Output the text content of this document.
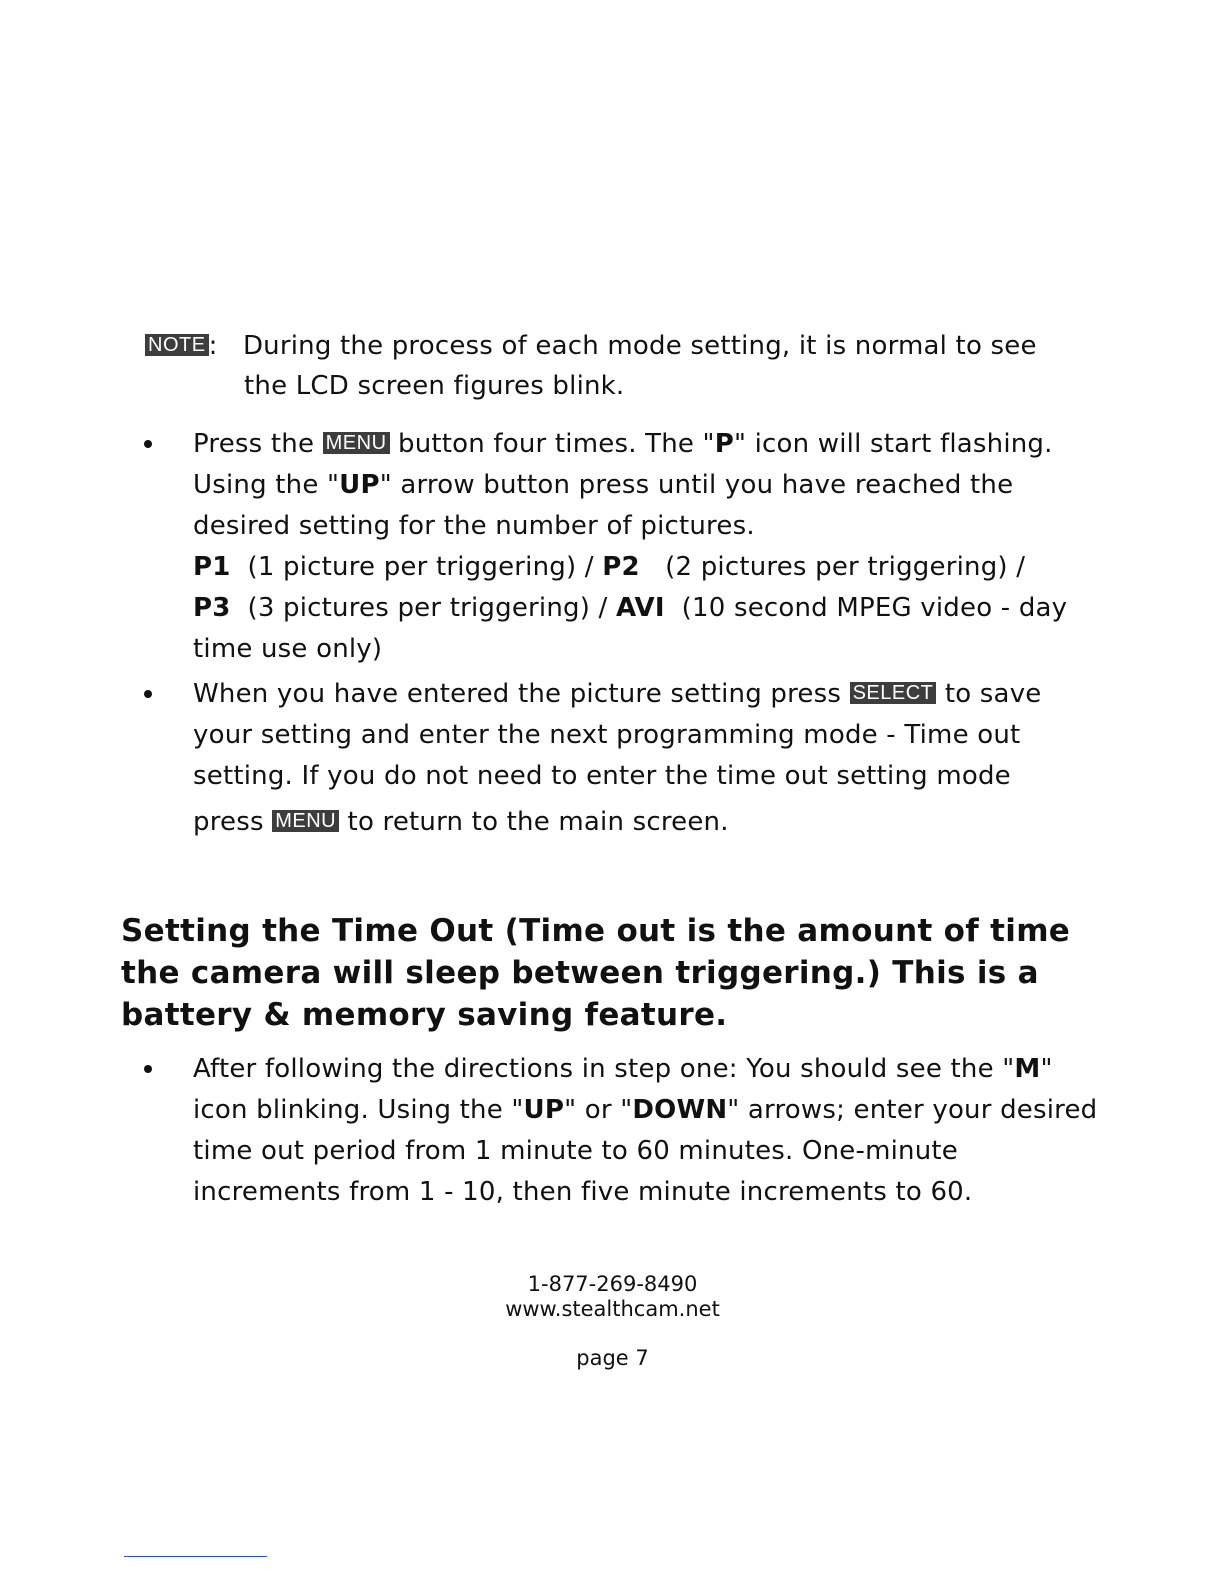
NOTE : During the process of each mode setting, it is normal to see
the LCD screen figures blink.
Press the MENU button four times. The "P" icon will start flashing.
Using the "UP" arrow button press until you have reached the
desired setting for the number of pictures.
P1 (1 picture per triggering) / P2 (2 pictures per triggering) /
P3 (3 pictures per triggering) / AVI (10 second MPEG video - day
time use only)
When you have entered the picture setting press SELECT to save
your setting and enter the next programming mode - Time out
setting. If you do not need to enter the time out setting mode
press MENU to return to the main screen.
Setting the Time Out (Time out is the amount of time
the camera will sleep between triggering.) This is a
battery & memory saving feature.
After following the directions in step one: You should see the "M"
icon blinking. Using the "UP" or "DOWN" arrows; enter your desired
time out period from 1 minute to 60 minutes. One-minute
increments from 1 - 10, then five minute increments to 60.
1-877-269-8490
www.stealthcam.net
page 7
